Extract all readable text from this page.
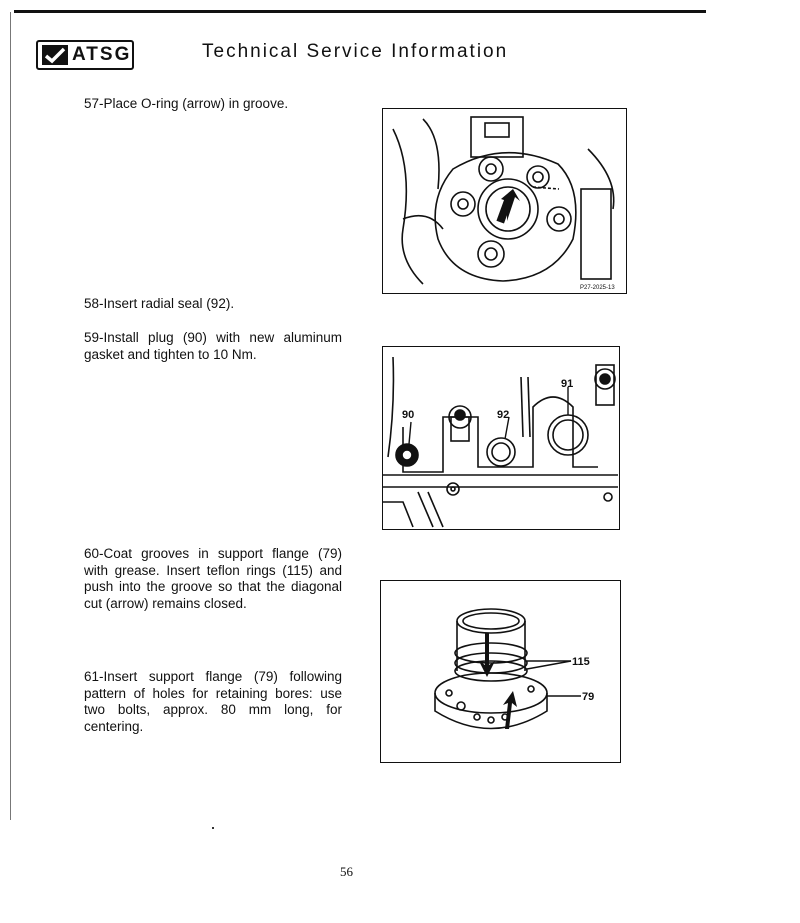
ATSG	Technical Service Information
57-Place O-ring (arrow) in groove.
58-Insert radial seal (92).
59-Install plug (90) with new aluminum gasket and tighten to 10 Nm.
60-Coat grooves in support flange (79) with grease. Insert teflon rings (115) and push into the groove so that the diagonal cut (arrow) remains closed.
61-Insert support flange (79) following pattern of holes for retaining bores: use two bolts, approx. 80 mm long, for centering.
P27-2025-13
90	92
91
115
79
56
